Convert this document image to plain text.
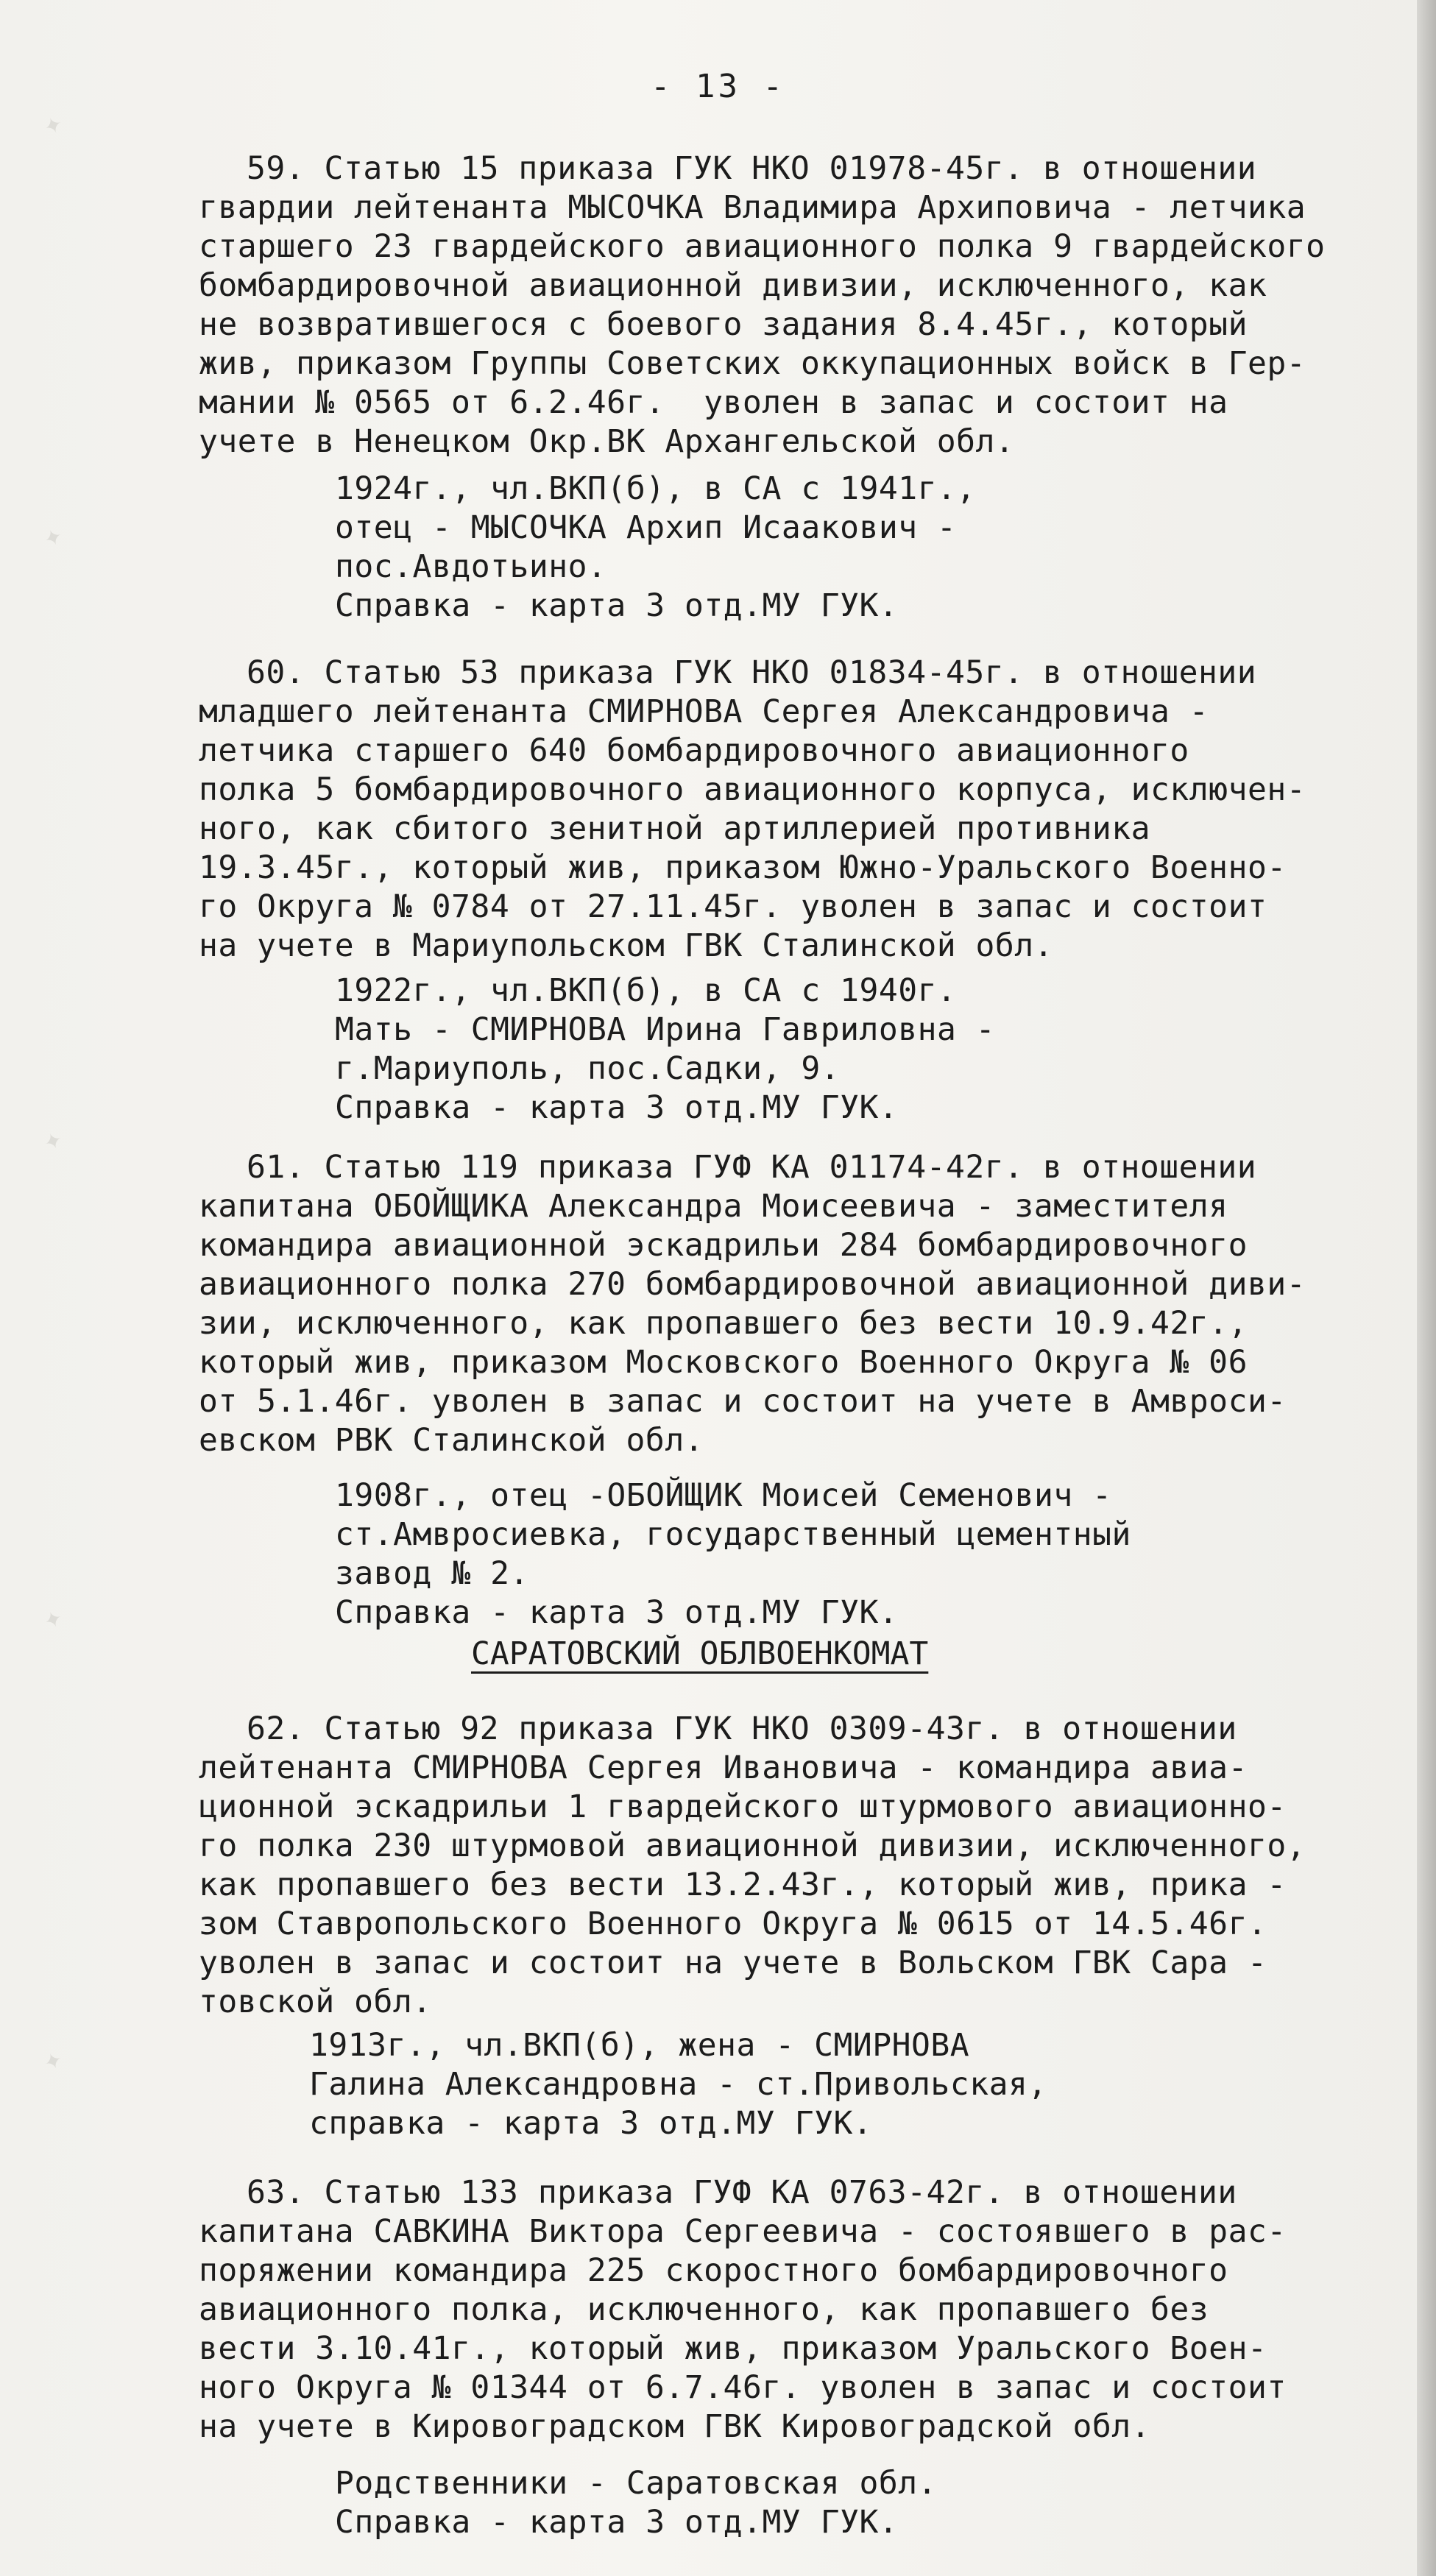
✦
✦
✦
✦
✦
- 13 -
59. Статью 15 приказа ГУК НКО 01978-45г. в отношении
гвардии лейтенанта МЫСОЧКА Владимира Архиповича - летчика
старшего 23 гвардейского авиационного полка 9 гвардейского
бомбардировочной авиационной дивизии, исключенного, как
не возвратившегося с боевого задания 8.4.45г., который
жив, приказом Группы Советских оккупационных войск в Гер-
мании № 0565 от 6.2.46г.  уволен в запас и состоит на
учете в Ненецком Окр.ВК Архангельской обл.
1924г., чл.ВКП(б), в СА с 1941г.,
отец - МЫСОЧКА Архип Исаакович -
пос.Авдотьино.
Справка - карта 3 отд.МУ ГУК.
60. Статью 53 приказа ГУК НКО 01834-45г. в отношении
младшего лейтенанта СМИРНОВА Сергея Александровича -
летчика старшего 640 бомбардировочного авиационного
полка 5 бомбардировочного авиационного корпуса, исключен-
ного, как сбитого зенитной артиллерией противника
19.3.45г., который жив, приказом Южно-Уральского Военно-
го Округа № 0784 от 27.11.45г. уволен в запас и состоит
на учете в Мариупольском ГВК Сталинской обл.
1922г., чл.ВКП(б), в СА с 1940г.
Мать - СМИРНОВА Ирина Гавриловна -
г.Мариуполь, пос.Садки, 9.
Справка - карта 3 отд.МУ ГУК.
61. Статью 119 приказа ГУФ КА 01174-42г. в отношении
капитана ОБОЙЩИКА Александра Моисеевича - заместителя
командира авиационной эскадрильи 284 бомбардировочного
авиационного полка 270 бомбардировочной авиационной диви-
зии, исключенного, как пропавшего без вести 10.9.42г.,
который жив, приказом Московского Военного Округа № 06
от 5.1.46г. уволен в запас и состоит на учете в Амвроси-
евском РВК Сталинской обл.
1908г., отец -ОБОЙЩИК Моисей Семенович -
ст.Амвросиевка, государственный цементный
завод № 2.
Справка - карта 3 отд.МУ ГУК.
САРАТОВСКИЙ ОБЛВОЕНКОМАТ
62. Статью 92 приказа ГУК НКО 0309-43г. в отношении
лейтенанта СМИРНОВА Сергея Ивановича - командира авиа-
ционной эскадрильи 1 гвардейского штурмового авиационно-
го полка 230 штурмовой авиационной дивизии, исключенного,
как пропавшего без вести 13.2.43г., который жив, прика -
зом Ставропольского Военного Округа № 0615 от 14.5.46г.
уволен в запас и состоит на учете в Вольском ГВК Сара -
товской обл.
1913г., чл.ВКП(б), жена - СМИРНОВА
Галина Александровна - ст.Привольская,
справка - карта 3 отд.МУ ГУК.
63. Статью 133 приказа ГУФ КА 0763-42г. в отношении
капитана САВКИНА Виктора Сергеевича - состоявшего в рас-
поряжении командира 225 скоростного бомбардировочного
авиационного полка, исключенного, как пропавшего без
вести 3.10.41г., который жив, приказом Уральского Воен-
ного Округа № 01344 от 6.7.46г. уволен в запас и состоит
на учете в Кировоградском ГВК Кировоградской обл.
Родственники - Саратовская обл.
Справка - карта 3 отд.МУ ГУК.
